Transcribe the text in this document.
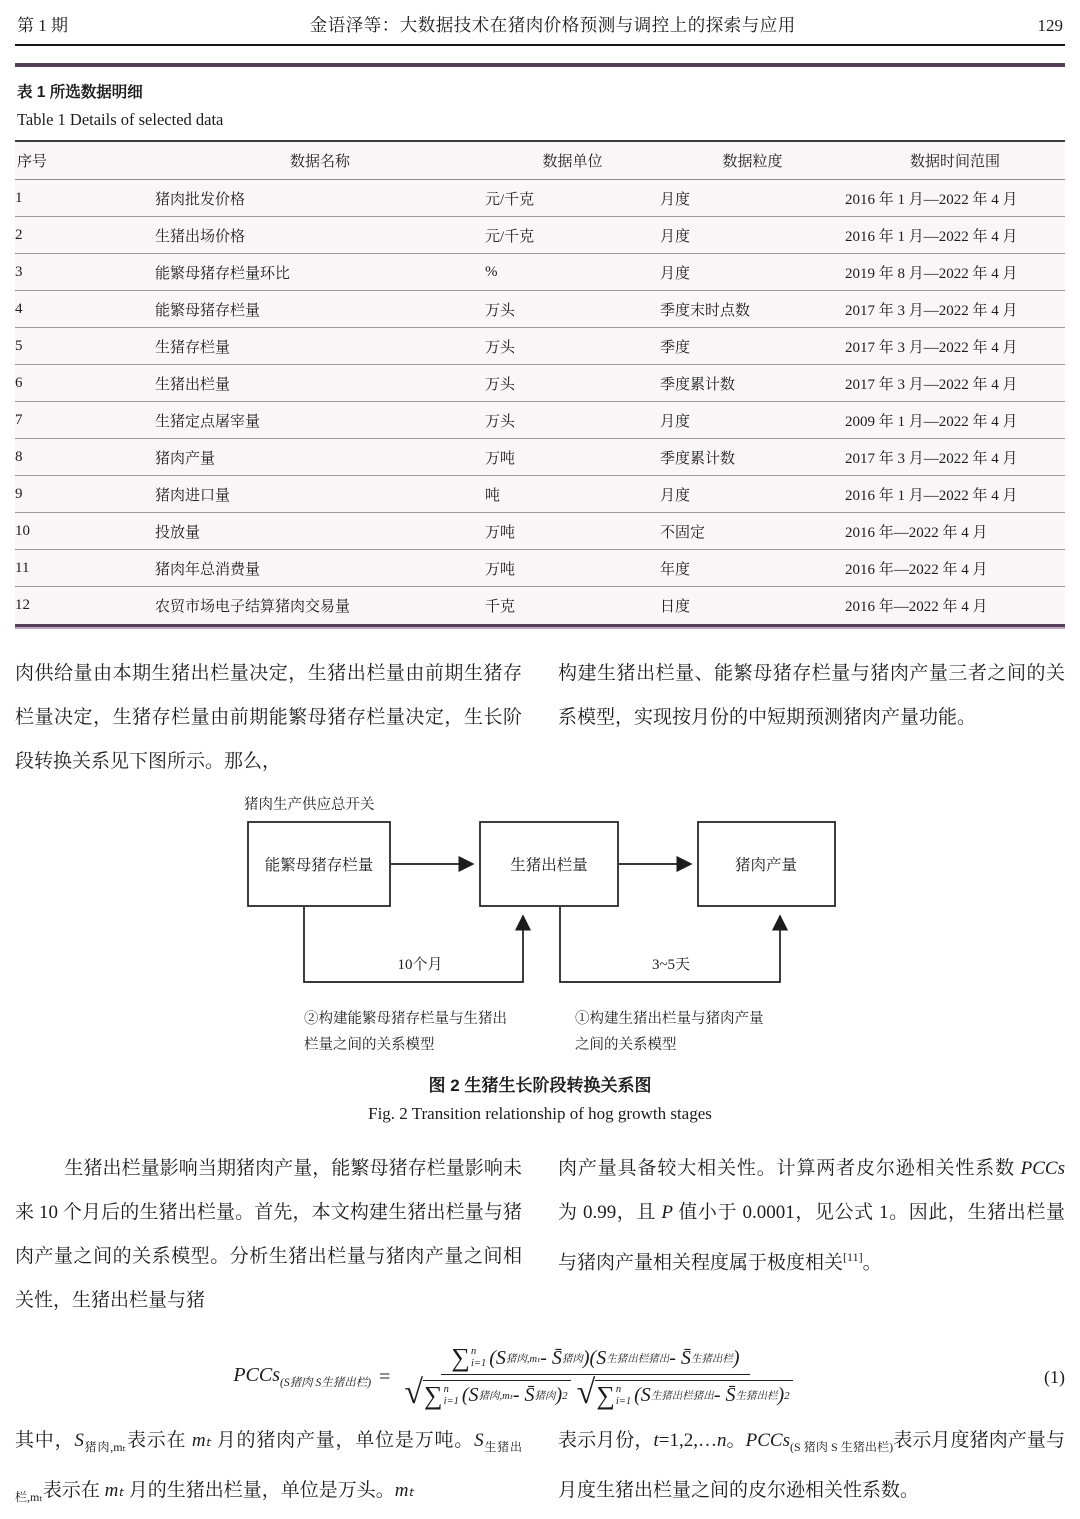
第 1 期	金语泽等：大数据技术在猪肉价格预测与调控上的探索与应用	129
表 1 所选数据明细
Table 1 Details of selected data
序号	数据名称	数据单位	数据粒度	数据时间范围
1	猪肉批发价格	元/千克	月度	2016 年 1 月—2022 年 4 月
2	生猪出场价格	元/千克	月度	2016 年 1 月—2022 年 4 月
3	能繁母猪存栏量环比	%	月度	2019 年 8 月—2022 年 4 月
4	能繁母猪存栏量	万头	季度末时点数	2017 年 3 月—2022 年 4 月
5	生猪存栏量	万头	季度	2017 年 3 月—2022 年 4 月
6	生猪出栏量	万头	季度累计数	2017 年 3 月—2022 年 4 月
7	生猪定点屠宰量	万头	月度	2009 年 1 月—2022 年 4 月
8	猪肉产量	万吨	季度累计数	2017 年 3 月—2022 年 4 月
9	猪肉进口量	吨	月度	2016 年 1 月—2022 年 4 月
10	投放量	万吨	不固定	2016 年—2022 年 4 月
11	猪肉年总消费量	万吨	年度	2016 年—2022 年 4 月
12	农贸市场电子结算猪肉交易量	千克	日度	2016 年—2022 年 4 月

肉供给量由本期生猪出栏量决定，生猪出栏量由前期生猪存栏量决定，生猪存栏量由前期能繁母猪存栏量决定，生长阶段转换关系见下图所示。那么，

构建生猪出栏量、能繁母猪存栏量与猪肉产量三者之间的关系模型，实现按月份的中短期预测猪肉产量功能。

猪肉生产供应总开关
能繁母猪存栏量	生猪出栏量	猪肉产量
10个月	3~5天
②构建能繁母猪存栏量与生猪出
栏量之间的关系模型
①构建生猪出栏量与猪肉产量
之间的关系模型
图 2 生猪生长阶段转换关系图
Fig. 2 Transition relationship of hog growth stages

生猪出栏量影响当期猪肉产量，能繁母猪存栏量影响未来 10 个月后的生猪出栏量。首先，本文构建生猪出栏量与猪肉产量之间的关系模型。分析生猪出栏量与猪肉产量之间相关性，生猪出栏量与猪

肉产量具备较大相关性。计算两者皮尔逊相关性系数 PCCs 为 0.99，且 P 值小于 0.0001，见公式 1。因此，生猪出栏量与猪肉产量相关程度属于极度相关[11]。

PCCs$_{(S猪肉 S生猪出栏)}$ = ∑ n
i=1 (S 猪肉,mₜ - S̄ 猪肉 )(S 生猪出栏猪出 - S̄ 生猪出栏 )
√ ∑ n
i=1 (S 猪肉,mₜ - S̄ 猪肉 ) 2 √ ∑ n
i=1 (S 生猪出栏猪出 - S̄ 生猪出栏 ) 2	(1)

其中，$S_{猪肉,m_t}$表示在 mₜ 月的猪肉产量，单位是万吨。$S_{生猪出栏,m_t}$表示在 mₜ 月的生猪出栏量，单位是万头。mₜ

表示月份，t=1,2,…n。PCCs$_{(S 猪肉 S 生猪出栏)}$表示月度猪肉产量与月度生猪出栏量之间的皮尔逊相关性系数。
